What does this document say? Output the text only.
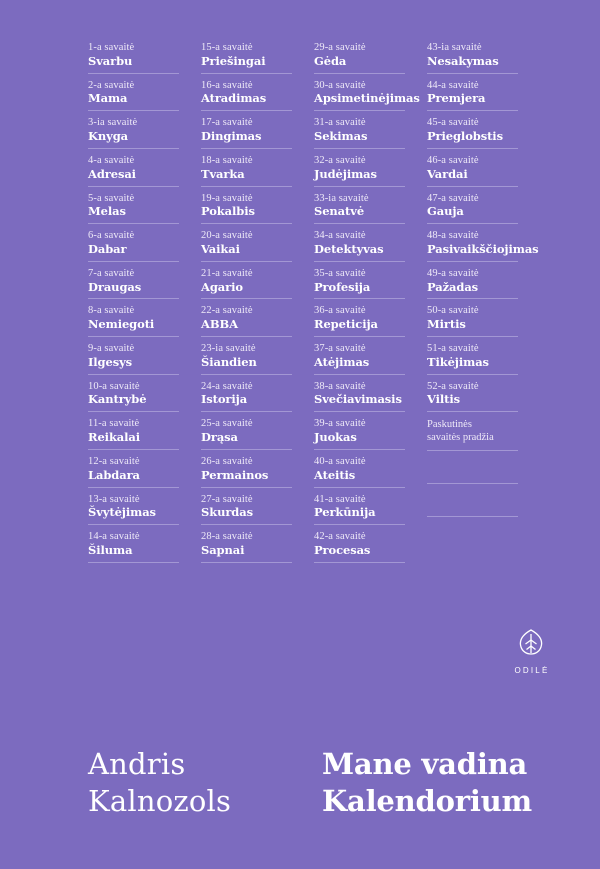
1-a savaitė
Svarbu
2-a savaitė
Mama
3-ia savaitė
Knyga
4-a savaitė
Adresai
5-a savaitė
Melas
6-a savaitė
Dabar
7-a savaitė
Draugas
8-a savaitė
Nemiegoti
9-a savaitė
Ilgesys
10-a savaitė
Kantrybė
11-a savaitė
Reikalai
12-a savaitė
Labdara
13-a savaitė
Švytėjimas
14-a savaitė
Šiluma
15-a savaitė
Priešingai
16-a savaitė
Atradimas
17-a savaitė
Dingimas
18-a savaitė
Tvarka
19-a savaitė
Pokalbis
20-a savaitė
Vaikai
21-a savaitė
Agario
22-a savaitė
ABBA
23-ia savaitė
Šiandien
24-a savaitė
Istorija
25-a savaitė
Drąsa
26-a savaitė
Permainos
27-a savaitė
Skurdas
28-a savaitė
Sapnai
29-a savaitė
Gėda
30-a savaitė
Apsimetinėjimas
31-a savaitė
Sekimas
32-a savaitė
Judėjimas
33-ia savaitė
Senatvė
34-a savaitė
Detektyvas
35-a savaitė
Profesija
36-a savaitė
Repeticija
37-a savaitė
Atėjimas
38-a savaitė
Svečiavimasis
39-a savaitė
Juokas
40-a savaitė
Ateitis
41-a savaitė
Perkūnija
42-a savaitė
Procesas
43-ia savaitė
Nesakymas
44-a savaitė
Premjera
45-a savaitė
Prieglobstis
46-a savaitė
Vardai
47-a savaitė
Gauja
48-a savaitė
Pasivaikščiojimas
49-a savaitė
Pažadas
50-a savaitė
Mirtis
51-a savaitė
Tikėjimas
52-a savaitė
Viltis
Paskutinės
savaitės pradžia
ODILĖ
Andris
Kalnozols
Mane vadina
Kalendorium
